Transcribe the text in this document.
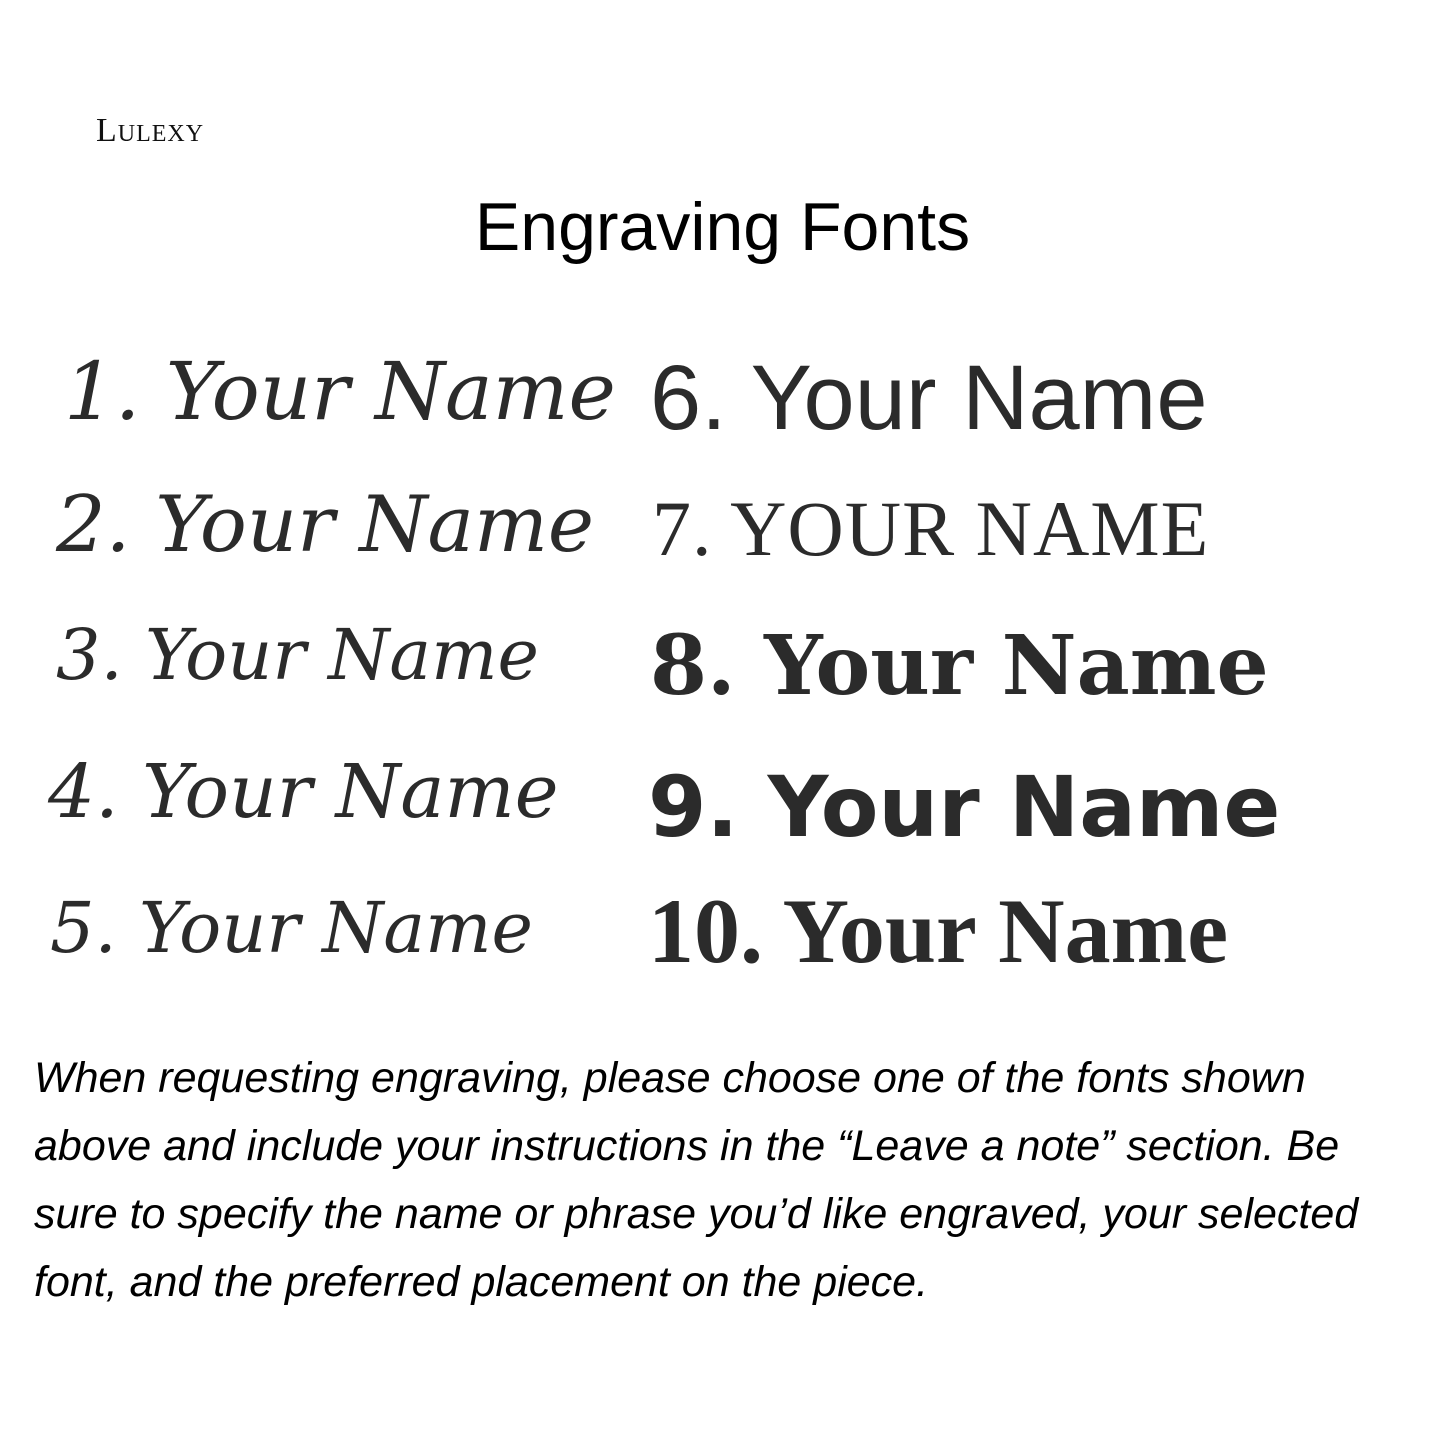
Lulexy
Engraving Fonts
1. Your Name
2. Your Name
3. Your Name
4. Your Name
5. Your Name
6. Your Name
7. YOUR NAME
8. Your Name
9. Your Name
10. Your Name

When requesting engraving, please choose one of the fonts shown above and include your instructions in the “Leave a note” section. Be sure to specify the name or phrase you’d like engraved, your selected font, and the preferred placement on the piece.
